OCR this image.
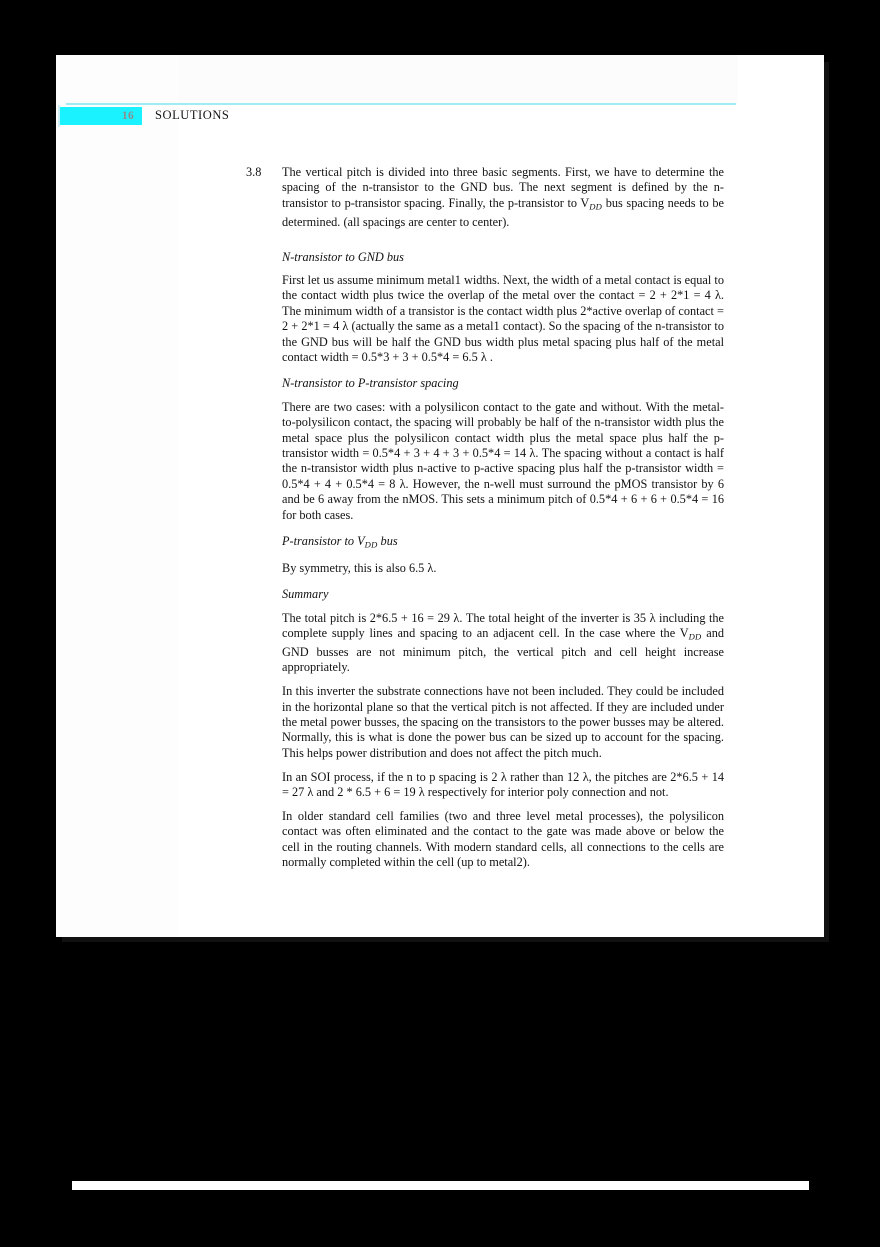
16 SOLUTIONS
3.8	The vertical pitch is divided into three basic segments. First, we have to determine the spacing of the n-transistor to the GND bus. The next segment is defined by the n-transistor to p-transistor spacing. Finally, the p-transistor to $V_{DD}$ bus spacing needs to be determined. (all spacings are center to center).

N-transistor to GND bus

First let us assume minimum metal1 widths. Next, the width of a metal contact is equal to the contact width plus twice the overlap of the metal over the contact = 2 + 2*1 = 4 λ. The minimum width of a transistor is the contact width plus 2*active overlap of contact = 2 + 2*1 = 4 λ (actually the same as a metal1 contact). So the spacing of the n-transistor to the GND bus will be half the GND bus width plus metal spacing plus half of the metal contact width = 0.5*3 + 3 + 0.5*4 = 6.5 λ .

N-transistor to P-transistor spacing

There are two cases: with a polysilicon contact to the gate and without. With the metal-to-polysilicon contact, the spacing will probably be half of the n-transistor width plus the metal space plus the polysilicon contact width plus the metal space plus half the p-transistor width = 0.5*4 + 3 + 4 + 3 + 0.5*4 = 14 λ. The spacing without a contact is half the n-transistor width plus n-active to p-active spacing plus half the p-transistor width = 0.5*4 + 4 + 0.5*4 = 8 λ. However, the n-well must surround the pMOS transistor by 6 and be 6 away from the nMOS. This sets a minimum pitch of 0.5*4 + 6 + 6 + 0.5*4 = 16 for both cases.

P-transistor to $V_{DD}$ bus

By symmetry, this is also 6.5 λ.

Summary

The total pitch is 2*6.5 + 16 = 29 λ. The total height of the inverter is 35 λ including the complete supply lines and spacing to an adjacent cell. In the case where the $V_{DD}$ and GND busses are not minimum pitch, the vertical pitch and cell height increase appropriately.

In this inverter the substrate connections have not been included. They could be included in the horizontal plane so that the vertical pitch is not affected. If they are included under the metal power busses, the spacing on the transistors to the power busses may be altered. Normally, this is what is done the power bus can be sized up to account for the spacing. This helps power distribution and does not affect the pitch much.

In an SOI process, if the n to p spacing is 2 λ rather than 12 λ, the pitches are 2*6.5 + 14 = 27 λ and 2 * 6.5 + 6 = 19 λ respectively for interior poly connection and not.

In older standard cell families (two and three level metal processes), the polysilicon contact was often eliminated and the contact to the gate was made above or below the cell in the routing channels. With modern standard cells, all connections to the cells are normally completed within the cell (up to metal2).
